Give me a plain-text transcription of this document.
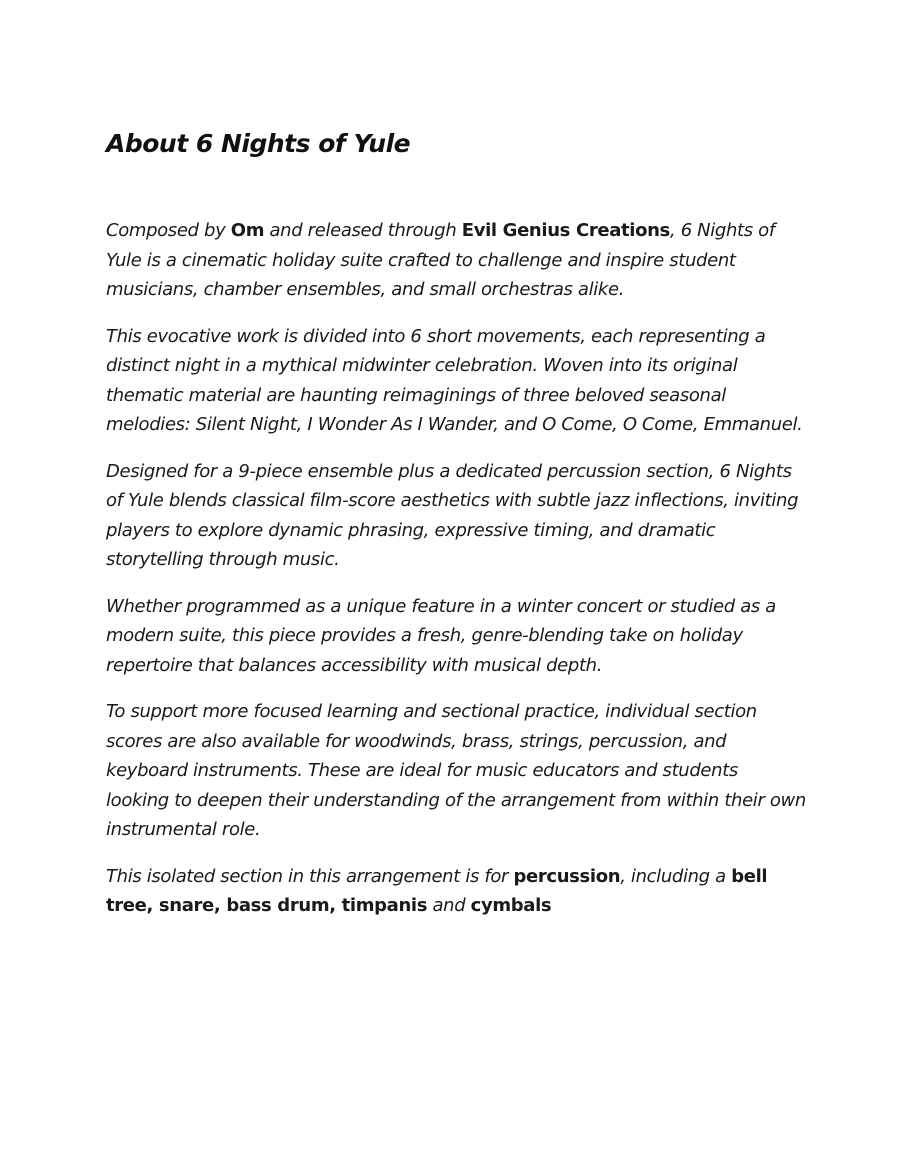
About 6 Nights of Yule

Composed by Om and released through Evil Genius Creations, 6 Nights of Yule is a cinematic holiday suite crafted to challenge and inspire student musicians, chamber ensembles, and small orchestras alike.

This evocative work is divided into 6 short movements, each representing a distinct night in a mythical midwinter celebration. Woven into its original thematic material are haunting reimaginings of three beloved seasonal melodies: Silent Night, I Wonder As I Wander, and O Come, O Come, Emmanuel.

Designed for a 9-piece ensemble plus a dedicated percussion section, 6 Nights of Yule blends classical film-score aesthetics with subtle jazz inflections, inviting players to explore dynamic phrasing, expressive timing, and dramatic storytelling through music.

Whether programmed as a unique feature in a winter concert or studied as a modern suite, this piece provides a fresh, genre-blending take on holiday repertoire that balances accessibility with musical depth.

To support more focused learning and sectional practice, individual section scores are also available for woodwinds, brass, strings, percussion, and keyboard instruments. These are ideal for music educators and students looking to deepen their understanding of the arrangement from within their own instrumental role.

This isolated section in this arrangement is for percussion, including a bell tree, snare, bass drum, timpanis and cymbals
